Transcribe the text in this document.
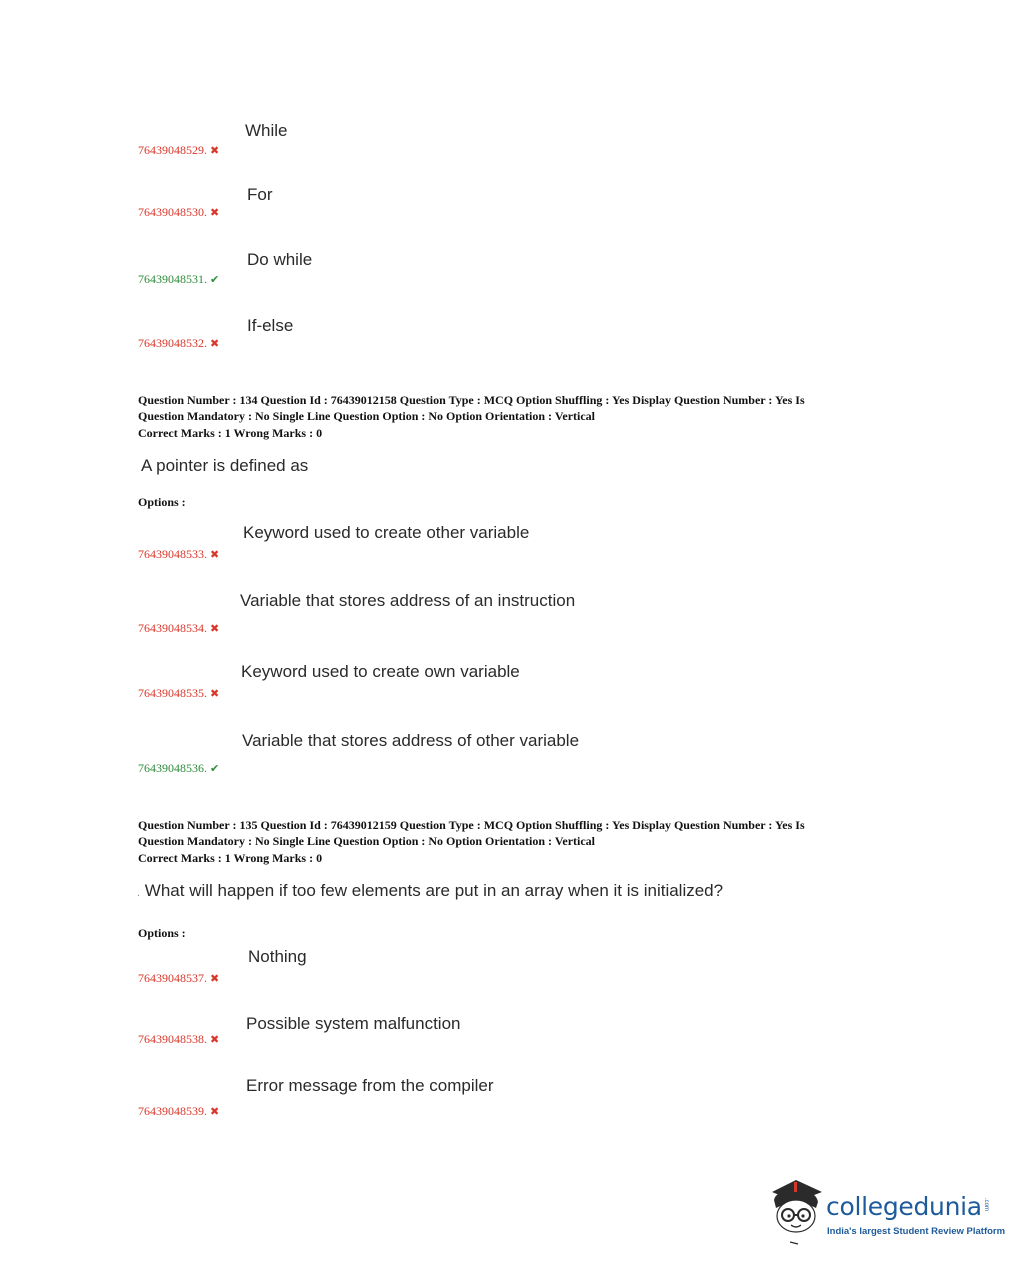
While
76439048529. ✖
For
76439048530. ✖
Do while
76439048531. ✔
If-else
76439048532. ✖
Question Number : 134 Question Id : 76439012158 Question Type : MCQ Option Shuffling : Yes Display Question Number : Yes Is
Question Mandatory : No Single Line Question Option : No Option Orientation : Vertical
Correct Marks : 1 Wrong Marks : 0
A pointer is defined as
Options :
Keyword used to create other variable
76439048533. ✖
Variable that stores address of an instruction
76439048534. ✖
Keyword used to create own variable
76439048535. ✖
Variable that stores address of other variable
76439048536. ✔
Question Number : 135 Question Id : 76439012159 Question Type : MCQ Option Shuffling : Yes Display Question Number : Yes Is
Question Mandatory : No Single Line Question Option : No Option Orientation : Vertical
Correct Marks : 1 Wrong Marks : 0
. What will happen if too few elements are put in an array when it is initialized?
Options :
Nothing
76439048537. ✖
Possible system malfunction
76439048538. ✖
Error message from the compiler
76439048539. ✖
collegedunia .com
India's largest Student Review Platform
